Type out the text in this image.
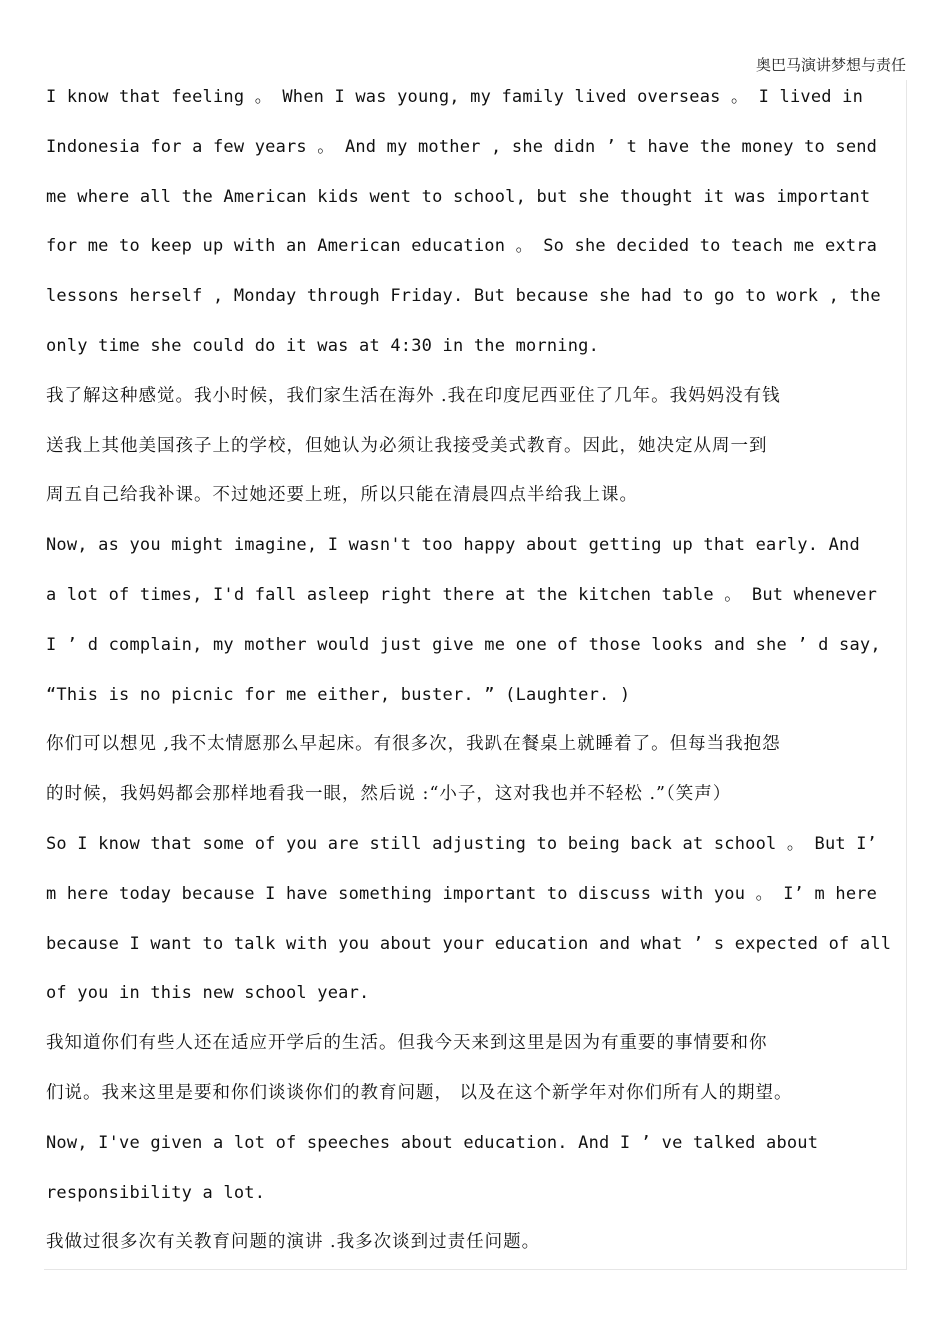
奥巴马演讲梦想与责任
I know that feeling 。 When I was young, my family lived overseas 。 I lived in
Indonesia for a few years 。 And my mother , she didn ’ t have the money to send
me where all the American kids went to school, but she thought it was important
for me to keep up with an American education 。 So she decided to teach me extra
lessons herself , Monday through Friday. But because she had to go to work , the
only time she could do it was at 4:30 in the morning.
我了解这种感觉。我小时候，我们家生活在海外 .我在印度尼西亚住了几年。我妈妈没有钱
送我上其他美国孩子上的学校，但她认为必须让我接受美式教育。因此，她决定从周一到
周五自己给我补课。不过她还要上班，所以只能在清晨四点半给我上课。
Now, as you might imagine, I wasn't too happy about getting up that early. And
a lot of times, I'd fall asleep right there at the kitchen table 。 But whenever
I ’ d complain, my mother would just give me one of those looks and she ’ d say,
“This is no picnic for me either, buster. ” (Laughter. )
你们可以想见 ,我不太情愿那么早起床。有很多次，我趴在餐桌上就睡着了。但每当我抱怨
的时候，我妈妈都会那样地看我一眼，然后说 :“小子，这对我也并不轻松 .”（笑声）
So I know that some of you are still adjusting to being back at school 。 But I’
m here today because I have something important to discuss with you 。 I’ m here
because I want to talk with you about your education and what ’ s expected of all
of you in this new school year.
我知道你们有些人还在适应开学后的生活。但我今天来到这里是因为有重要的事情要和你
们说。我来这里是要和你们谈谈你们的教育问题， 以及在这个新学年对你们所有人的期望。
Now, I've given a lot of speeches about education. And I ’ ve talked about
responsibility a lot.
我做过很多次有关教育问题的演讲 .我多次谈到过责任问题。
